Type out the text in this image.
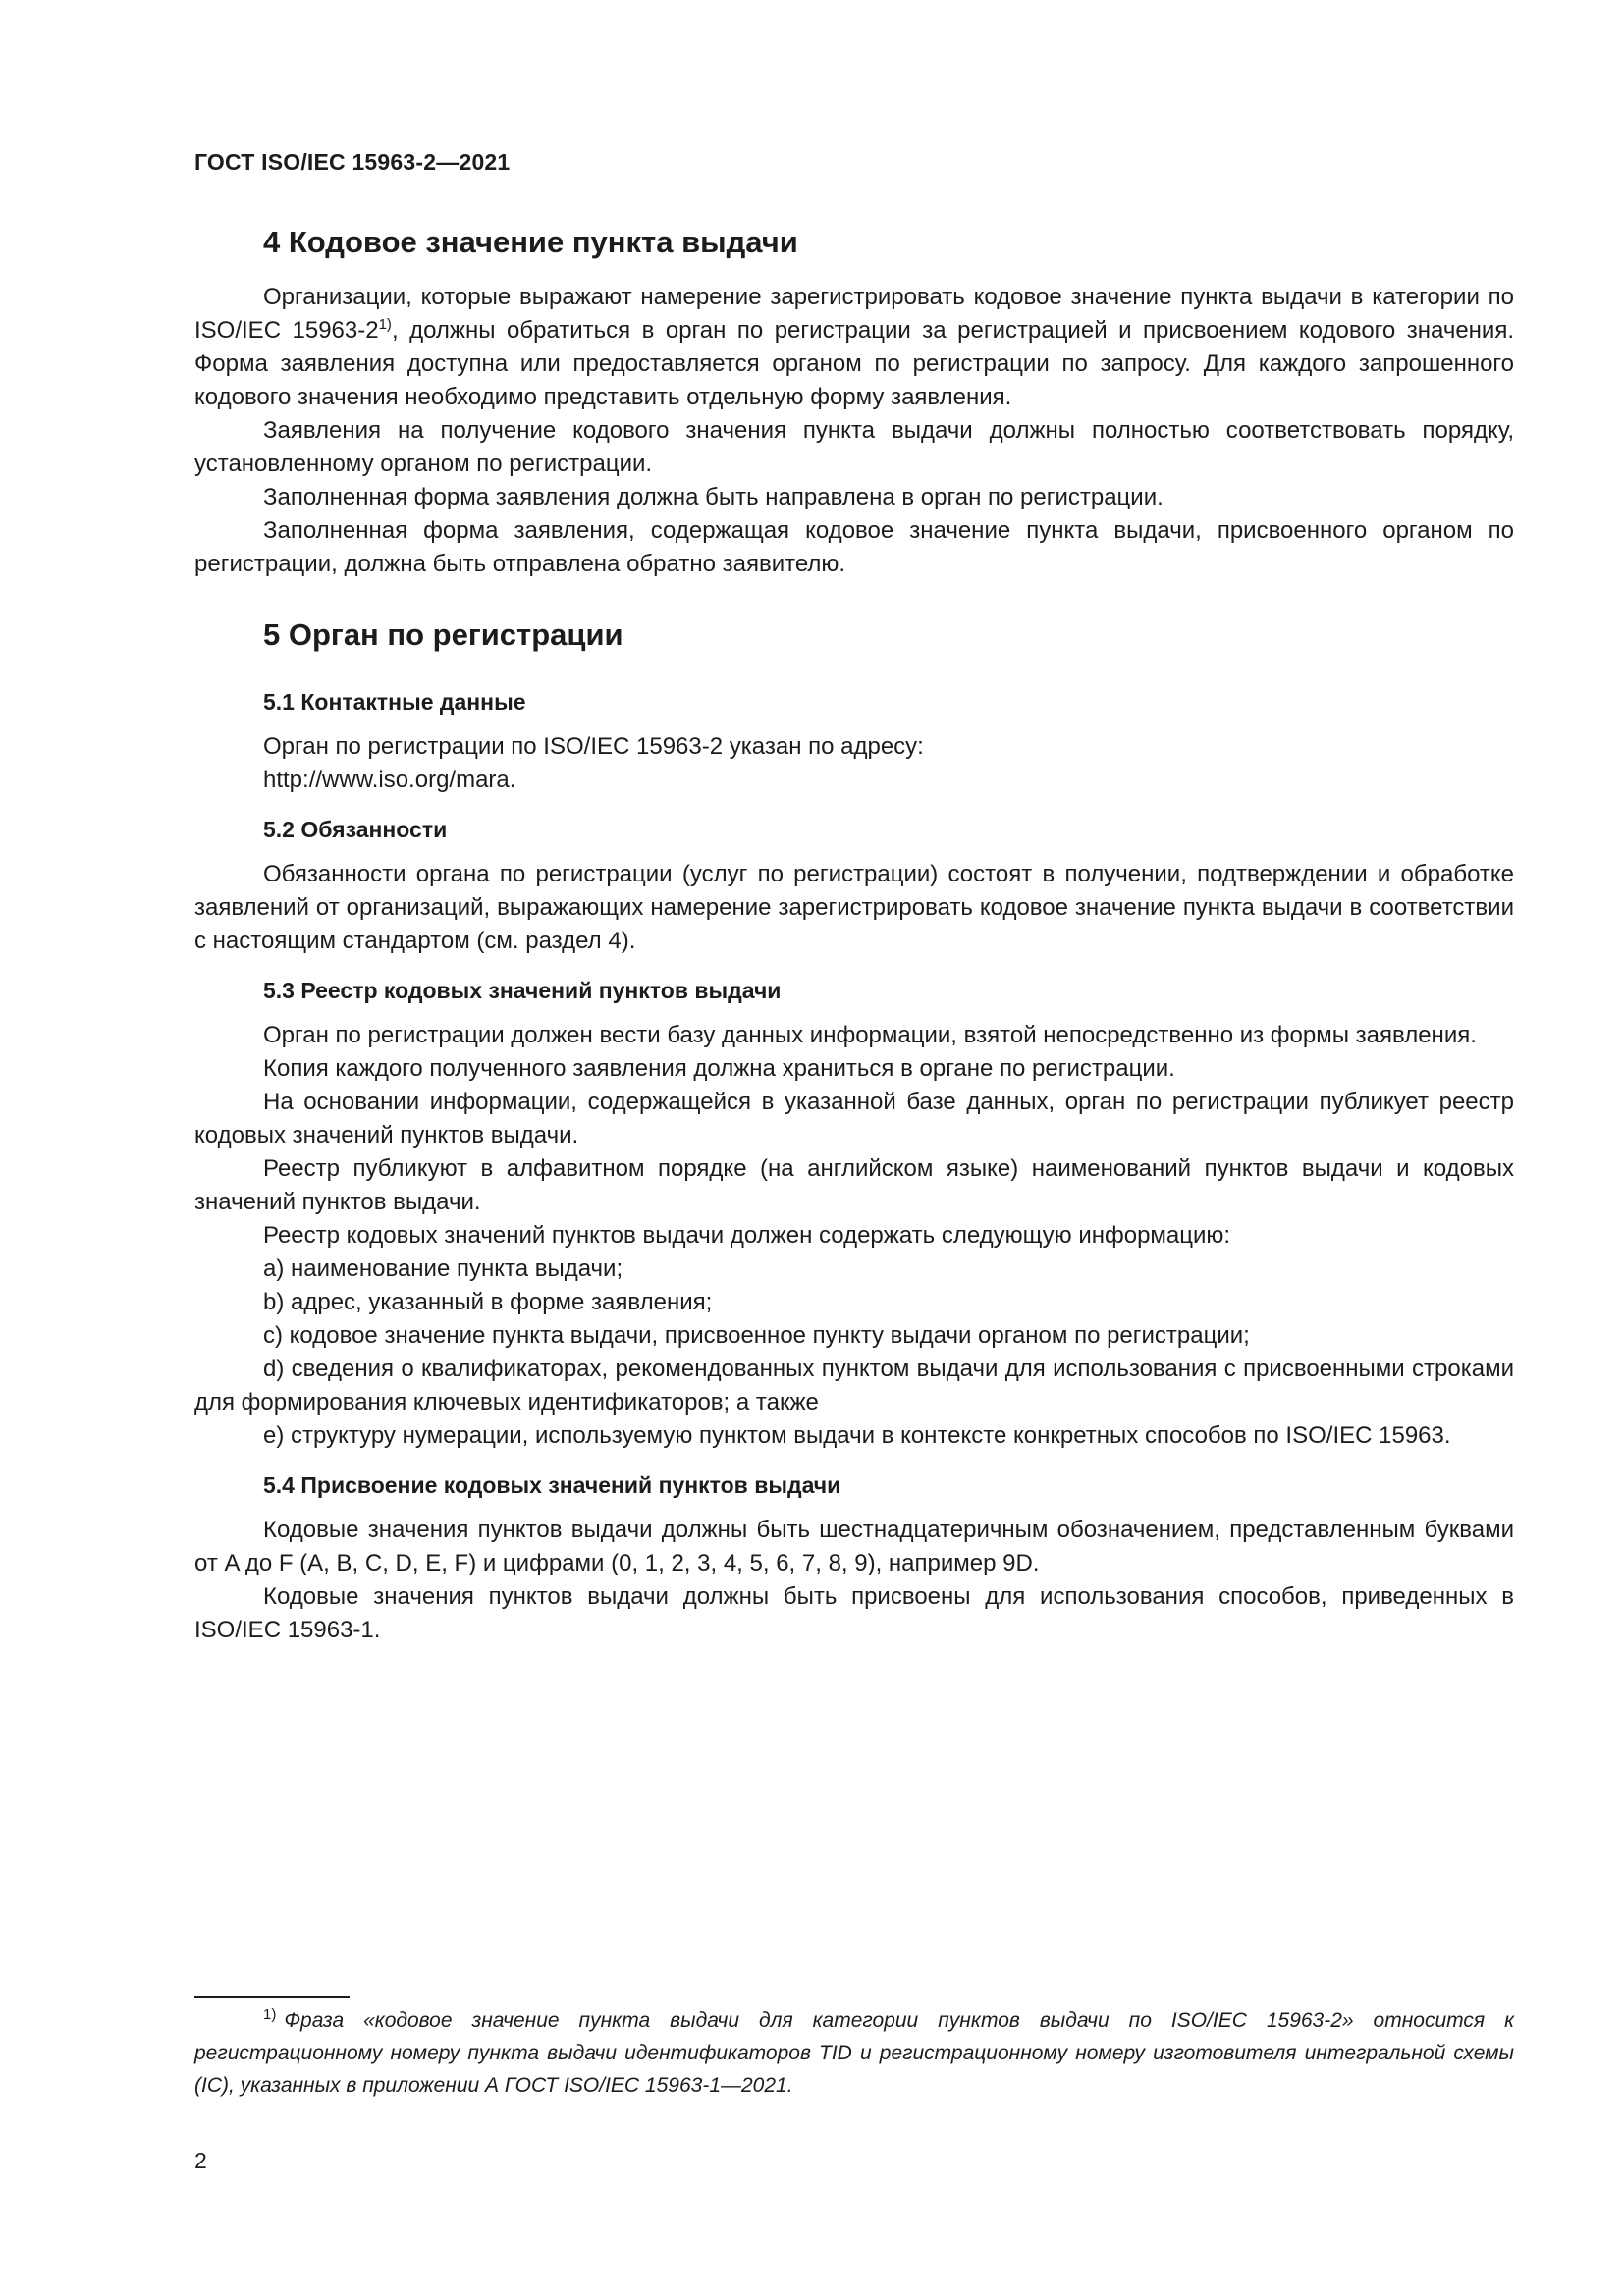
ГОСТ ISO/IEC 15963-2—2021
4 Кодовое значение пункта выдачи

Организации, которые выражают намерение зарегистрировать кодовое значение пункта выдачи в категории по ISO/IEC 15963-2$^{1)}$, должны обратиться в орган по регистрации за регистрацией и присвоением кодового значения. Форма заявления доступна или предоставляется органом по регистрации по запросу. Для каждого запрошенного кодового значения необходимо представить отдельную форму заявления.

Заявления на получение кодового значения пункта выдачи должны полностью соответствовать порядку, установленному органом по регистрации.

Заполненная форма заявления должна быть направлена в орган по регистрации.

Заполненная форма заявления, содержащая кодовое значение пункта выдачи, присвоенного органом по регистрации, должна быть отправлена обратно заявителю.

5 Орган по регистрации
5.1 Контактные данные

Орган по регистрации по ISO/IEC 15963-2 указан по адресу:

http://www.iso.org/mara.

5.2 Обязанности

Обязанности органа по регистрации (услуг по регистрации) состоят в получении, подтверждении и обработке заявлений от организаций, выражающих намерение зарегистрировать кодовое значение пункта выдачи в соответствии с настоящим стандартом (см. раздел 4).

5.3 Реестр кодовых значений пунктов выдачи

Орган по регистрации должен вести базу данных информации, взятой непосредственно из формы заявления.

Копия каждого полученного заявления должна храниться в органе по регистрации.

На основании информации, содержащейся в указанной базе данных, орган по регистрации публикует реестр кодовых значений пунктов выдачи.

Реестр публикуют в алфавитном порядке (на английском языке) наименований пунктов выдачи и кодовых значений пунктов выдачи.

Реестр кодовых значений пунктов выдачи должен содержать следующую информацию:

а) наименование пункта выдачи;

b) адрес, указанный в форме заявления;

c) кодовое значение пункта выдачи, присвоенное пункту выдачи органом по регистрации;

d) сведения о квалификаторах, рекомендованных пунктом выдачи для использования с присвоенными строками для формирования ключевых идентификаторов; а также

e) структуру нумерации, используемую пунктом выдачи в контексте конкретных способов по ISO/IEC 15963.

5.4 Присвоение кодовых значений пунктов выдачи

Кодовые значения пунктов выдачи должны быть шестнадцатеричным обозначением, представленным буквами от A до F (A, B, C, D, E, F) и цифрами (0, 1, 2, 3, 4, 5, 6, 7, 8, 9), например 9D.

Кодовые значения пунктов выдачи должны быть присвоены для использования способов, приведенных в ISO/IEC 15963-1.

$^{1)}$ Фраза «кодовое значение пункта выдачи для категории пунктов выдачи по ISO/IEC 15963-2» относится к регистрационному номеру пункта выдачи идентификаторов TID и регистрационному номеру изготовителя интегральной схемы (IC), указанных в приложении А ГОСТ ISO/IEC 15963-1—2021.
2
